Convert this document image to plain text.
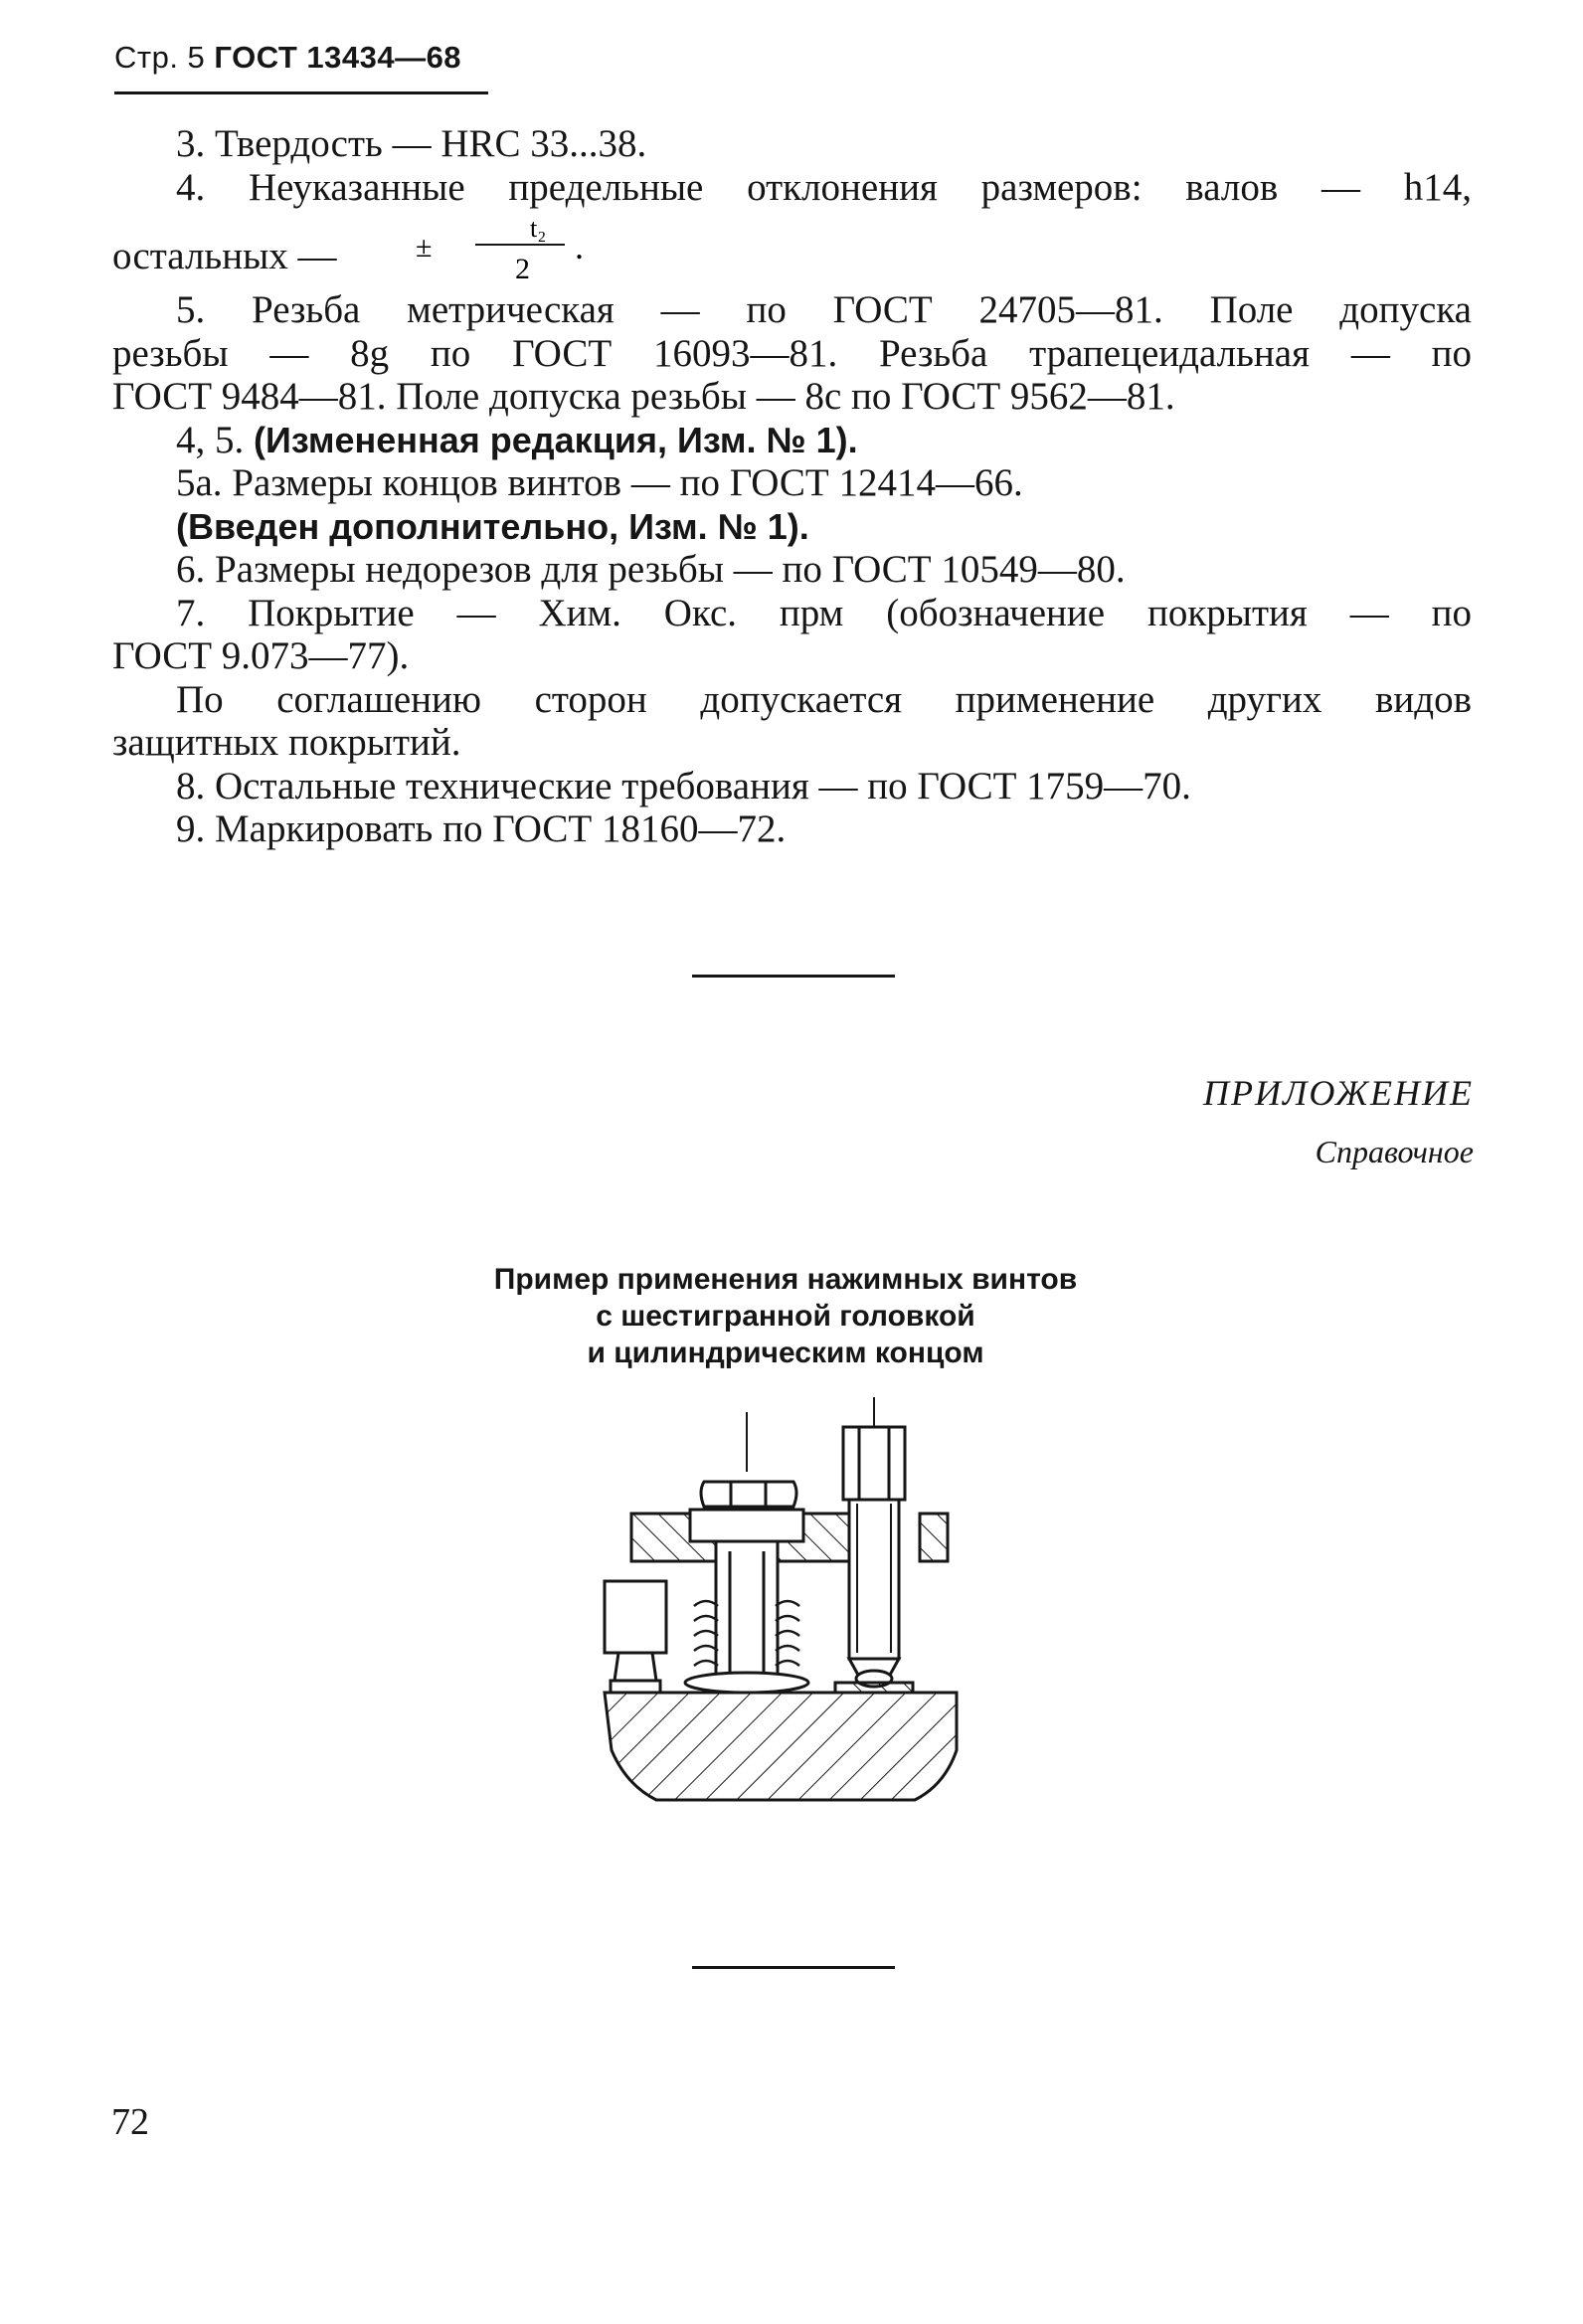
Стр. 5 ГОСТ 13434—68

3. Твердость — HRC 33...38.

4. Неуказанные предельные отклонения размеров: валов — h14,

остальных —
t₂
±
2
.

5. Резьба метрическая — по ГОСТ 24705—81. Поле допуска

резьбы — 8g по ГОСТ 16093—81. Резьба трапецеидальная — по

ГОСТ 9484—81. Поле допуска резьбы — 8c по ГОСТ 9562—81.

4, 5. (Измененная редакция, Изм. № 1).

5а. Размеры концов винтов — по ГОСТ 12414—66.

(Введен дополнительно, Изм. № 1).

6. Размеры недорезов для резьбы — по ГОСТ 10549—80.

7. Покрытие — Хим. Окс. прм (обозначение покрытия — по

ГОСТ 9.073—77).

По соглашению сторон допускается применение других видов

защитных покрытий.

8. Остальные технические требования — по ГОСТ 1759—70.

9. Маркировать по ГОСТ 18160—72.

ПРИЛОЖЕНИЕ
Справочное
Пример применения нажимных винтов
с шестигранной головкой
и цилиндрическим концом
72
